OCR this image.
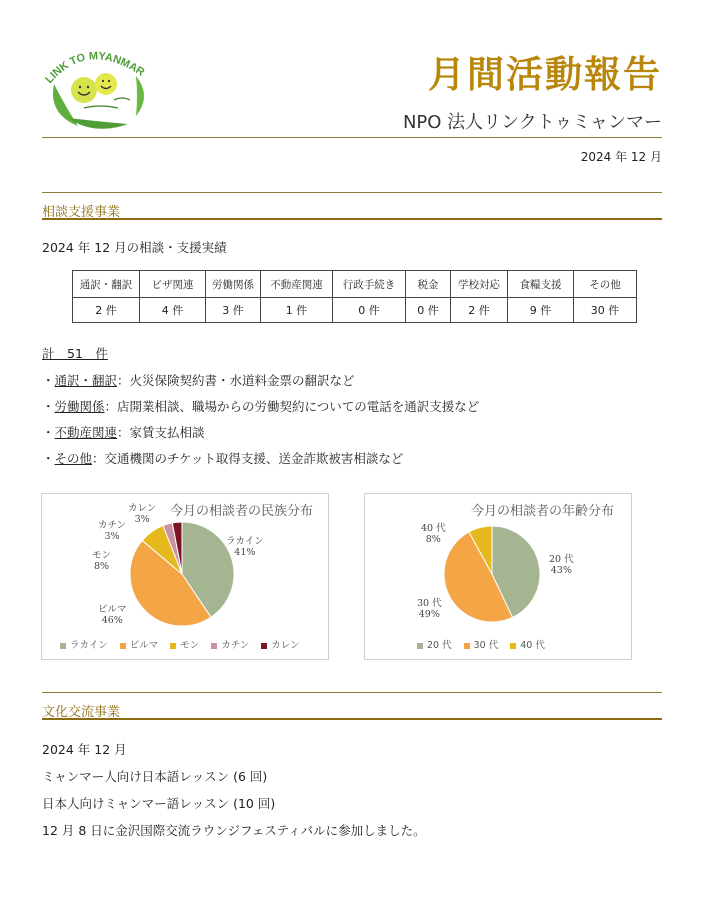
LINK TO MYANMAR	月間活動報告
NPO 法人リンクトゥミャンマー
2024 年 12 月
相談支援事業
2024 年 12 月の相談・支援実績
通訳・翻訳	ビザ関連	労働関係	不動産関連	行政手続き	税金	学校対応	食糧支援	その他
2 件	4 件	3 件	1 件	0 件	0 件	2 件	9 件	30 件
計　51　件
・通訳・翻訳：火災保険契約書・水道料金票の翻訳など
・労働関係：店開業相談、職場からの労働契約についての電話を通訳支援など
・不動産関連：家賃支払相談
・その他：交通機関のチケット取得支援、送金詐欺被害相談など
今月の相談者の民族分布
ラカイン
41%
ビルマ
46%
モン
8%
カチン
3%
カレン
3%
ラカイン	ビルマ	モン	カチン	カレン
今月の相談者の年齢分布
20 代
43%
30 代
49%
40 代
8%
20 代	30 代	40 代
文化交流事業
2024 年 12 月
ミャンマー人向け日本語レッスン (6 回)
日本人向けミャンマー語レッスン (10 回)
12 月 8 日に金沢国際交流ラウンジフェスティバルに参加しました。
